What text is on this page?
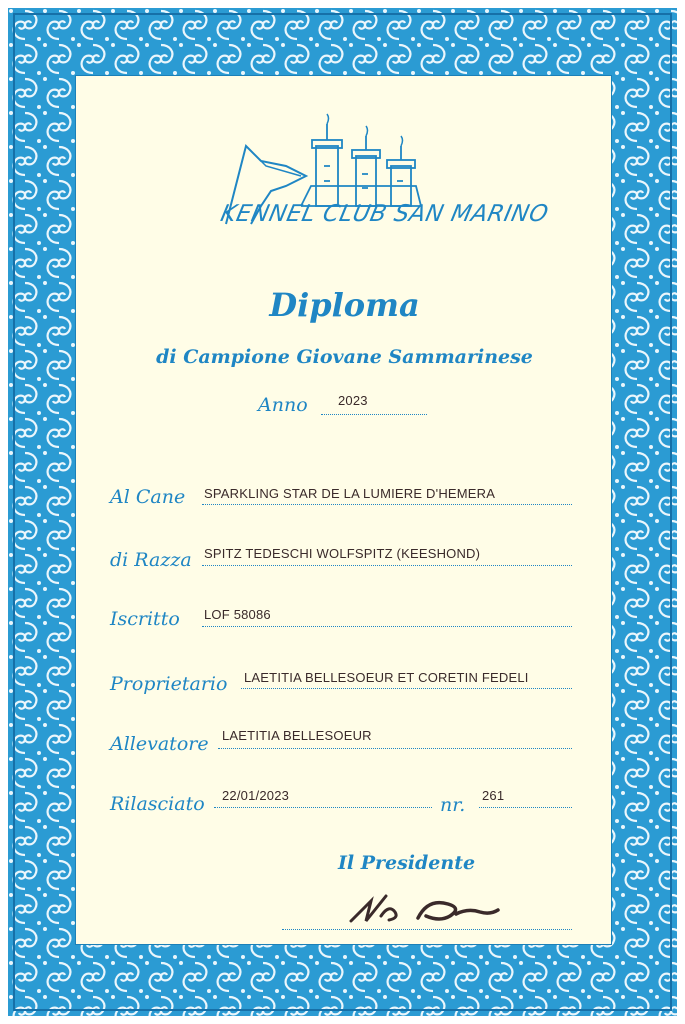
KENNEL CLUB SAN MARINO
Diploma
di Campione Giovane Sammarinese
Anno 2023
Al Cane SPARKLING STAR DE LA LUMIERE D'HEMERA
di Razza SPITZ TEDESCHI WOLFSPITZ (KEESHOND)
Iscritto LOF 58086
Proprietario LAETITIA BELLESOEUR ET CORETIN FEDELI
Allevatore LAETITIA BELLESOEUR
Rilasciato 22/01/2023	nr. 261
Il Presidente
